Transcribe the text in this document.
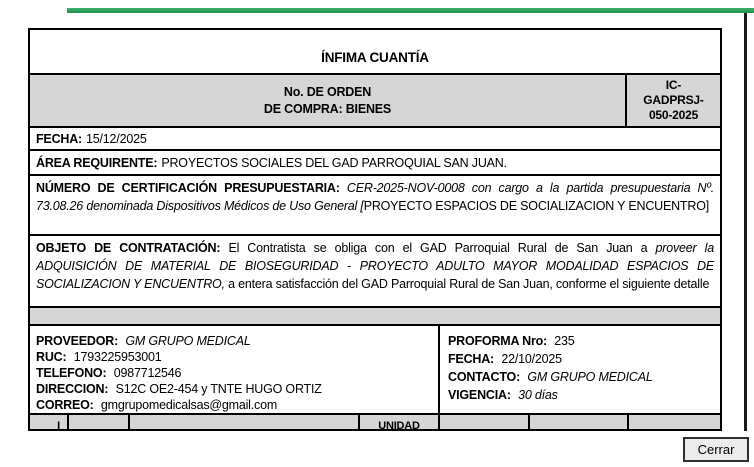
ÍNFIMA CUANTÍA
No. DE ORDEN
DE COMPRA: BIENES
IC-
GADPRSJ-
050-2025
FECHA: 15/12/2025
ÁREA REQUIRENTE: PROYECTOS SOCIALES DEL GAD PARROQUIAL SAN JUAN.
NÚMERO DE CERTIFICACIÓN PRESUPUESTARIA: CER-2025-NOV-0008 con cargo a la partida presupuestaria Nº. 73.08.26 denominada Dispositivos Médicos de Uso General [PROYECTO ESPACIOS DE SOCIALIZACION Y ENCUENTRO]
OBJETO DE CONTRATACIÓN: El Contratista se obliga con el GAD Parroquial Rural de San Juan a proveer la ADQUISICIÓN DE MATERIAL DE BIOSEGURIDAD - PROYECTO ADULTO MAYOR MODALIDAD ESPACIOS DE SOCIALIZACION Y ENCUENTRO, a entera satisfacción del GAD Parroquial Rural de San Juan, conforme el siguiente detalle
PROVEEDOR: GM GRUPO MEDICAL
RUC: 1793225953001
TELEFONO: 0987712546
DIRECCION: S12C OE2-454 y TNTE HUGO ORTIZ
CORREO: gmgrupomedicalsas@gmail.com
PROFORMA Nro: 235
FECHA: 22/10/2025
CONTACTO: GM GRUPO MEDICAL
VIGENCIA: 30 días
I	UNIDAD
Cerrar
